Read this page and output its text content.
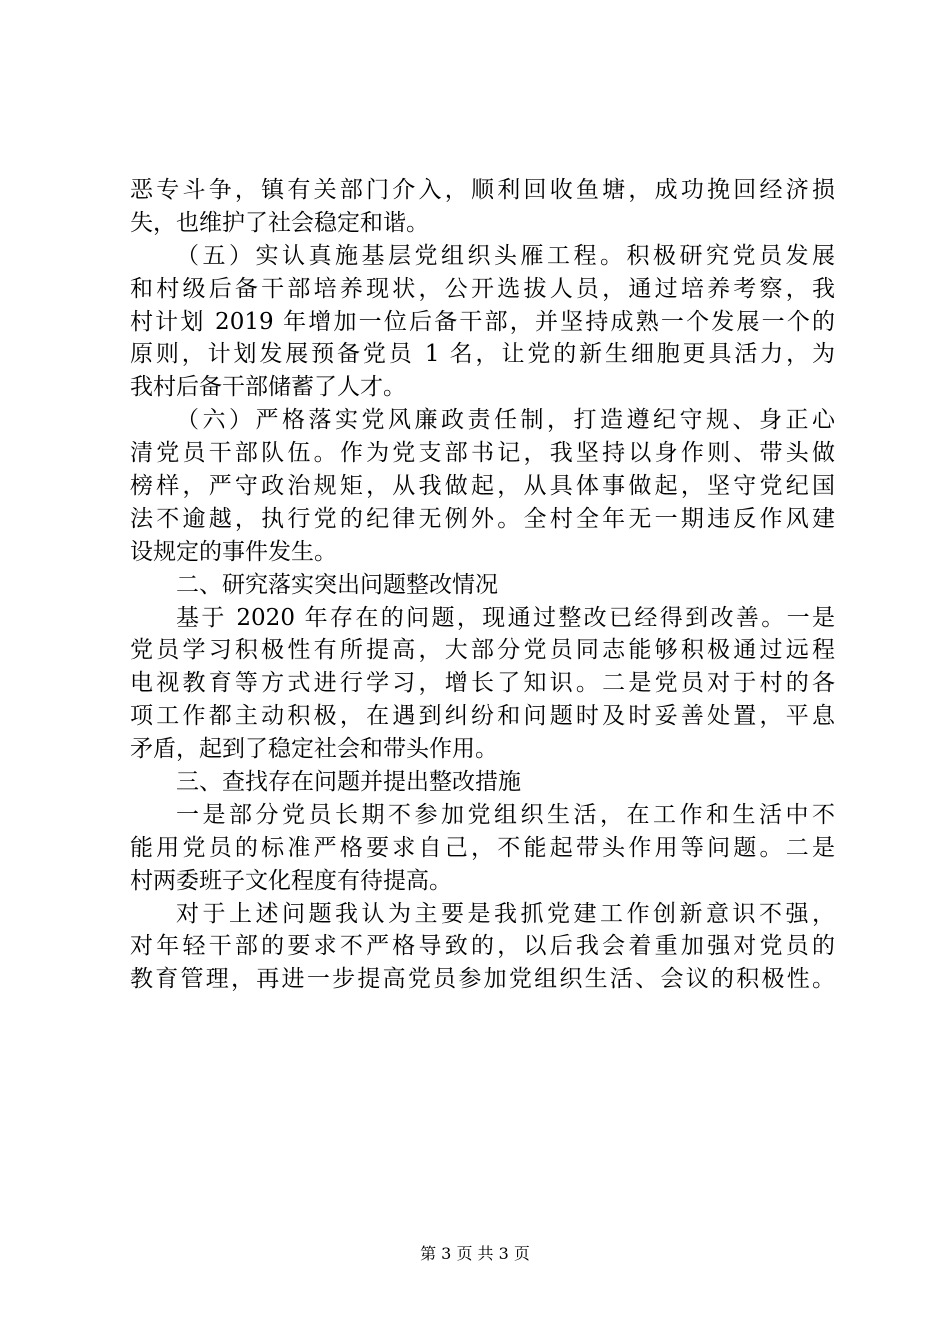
恶专斗争，镇有关部门介入，顺利回收鱼塘，成功挽回经济损
失，也维护了社会稳定和谐。
（五）实认真施基层党组织头雁工程。积极研究党员发展
和村级后备干部培养现状，公开选拔人员，通过培养考察，我
村计划 2019 年增加一位后备干部，并坚持成熟一个发展一个的
原则，计划发展预备党员 1 名，让党的新生细胞更具活力，为
我村后备干部储蓄了人才。
（六）严格落实党风廉政责任制，打造遵纪守规、身正心
清党员干部队伍。作为党支部书记，我坚持以身作则、带头做
榜样，严守政治规矩，从我做起，从具体事做起，坚守党纪国
法不逾越，执行党的纪律无例外。全村全年无一期违反作风建
设规定的事件发生。
二、研究落实突出问题整改情况
基于 2020 年存在的问题，现通过整改已经得到改善。一是
党员学习积极性有所提高，大部分党员同志能够积极通过远程
电视教育等方式进行学习，增长了知识。二是党员对于村的各
项工作都主动积极，在遇到纠纷和问题时及时妥善处置，平息
矛盾，起到了稳定社会和带头作用。
三、查找存在问题并提出整改措施
一是部分党员长期不参加党组织生活，在工作和生活中不
能用党员的标准严格要求自己，不能起带头作用等问题。二是
村两委班子文化程度有待提高。
对于上述问题我认为主要是我抓党建工作创新意识不强，
对年轻干部的要求不严格导致的，以后我会着重加强对党员的
教育管理，再进一步提高党员参加党组织生活、会议的积极性。
第 3 页 共 3 页
